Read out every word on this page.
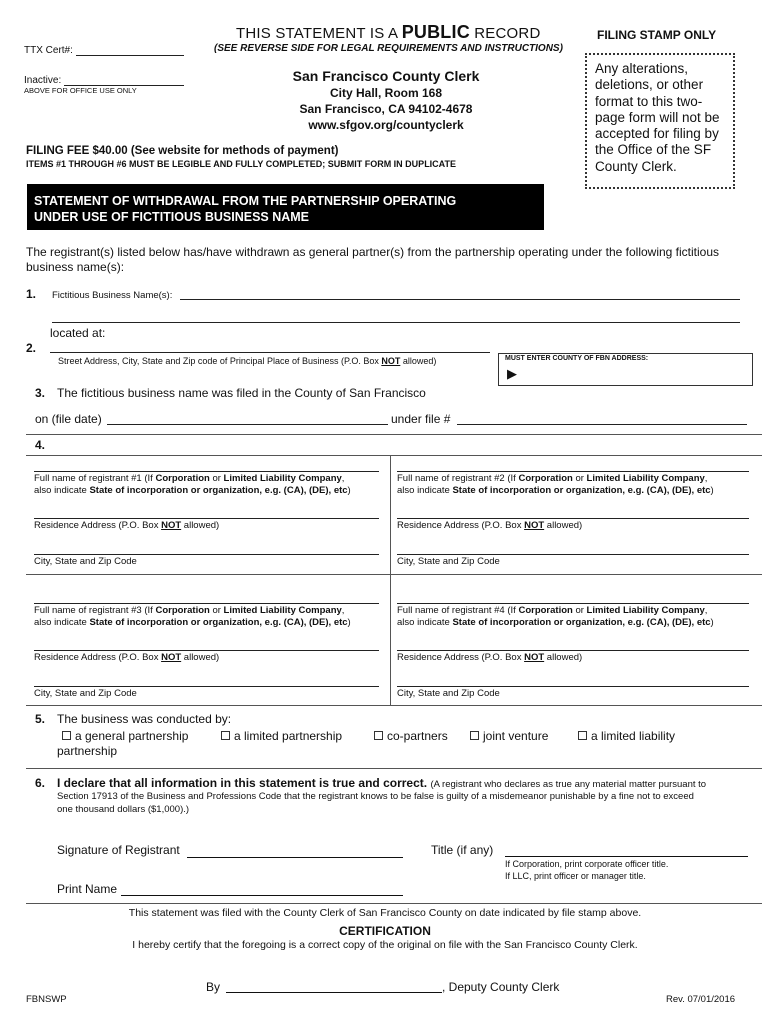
THIS STATEMENT IS A PUBLIC RECORD
(SEE REVERSE SIDE FOR LEGAL REQUIREMENTS AND INSTRUCTIONS)
FILING STAMP ONLY
TTX Cert#:
Inactive:
ABOVE FOR OFFICE USE ONLY
San Francisco County Clerk
City Hall, Room 168
San Francisco, CA 94102-4678
www.sfgov.org/countyclerk
Any alterations, deletions, or other format to this two-page form will not be accepted for filing by the Office of the SF County Clerk.
FILING FEE $40.00 (See website for methods of payment)
ITEMS #1 THROUGH #6 MUST BE LEGIBLE AND FULLY COMPLETED; SUBMIT FORM IN DUPLICATE
STATEMENT OF WITHDRAWAL FROM THE PARTNERSHIP OPERATING
UNDER USE OF FICTITIOUS BUSINESS NAME
The registrant(s) listed below has/have withdrawn as general partner(s) from the partnership operating under the following fictitious business name(s):
1. Fictitious Business Name(s):
located at:
2.
Street Address, City, State and Zip code of Principal Place of Business (P.O. Box NOT allowed)	MUST ENTER COUNTY OF FBN ADDRESS:
▶
3. The fictitious business name was filed in the County of San Francisco
on (file date)	under file #
4.
Full name of registrant #1 (If Corporation or Limited Liability Company,
also indicate State of incorporation or organization, e.g. (CA), (DE), etc)
Residence Address (P.O. Box NOT allowed)
City, State and Zip Code
Full name of registrant #2 (If Corporation or Limited Liability Company,
also indicate State of incorporation or organization, e.g. (CA), (DE), etc)
Residence Address (P.O. Box NOT allowed)
City, State and Zip Code
Full name of registrant #3 (If Corporation or Limited Liability Company,
also indicate State of incorporation or organization, e.g. (CA), (DE), etc)
Residence Address (P.O. Box NOT allowed)
City, State and Zip Code
Full name of registrant #4 (If Corporation or Limited Liability Company,
also indicate State of incorporation or organization, e.g. (CA), (DE), etc)
Residence Address (P.O. Box NOT allowed)
City, State and Zip Code
5. The business was conducted by:
a general partnership	a limited partnership	co-partners	joint venture	a limited liability
partnership
6. I declare that all information in this statement is true and correct. (A registrant who declares as true any material matter pursuant to
Section 17913 of the Business and Professions Code that the registrant knows to be false is guilty of a misdemeanor punishable by a fine not to exceed
one thousand dollars ($1,000).)
Signature of Registrant	Title (if any)
If Corporation, print corporate officer title.
If LLC, print officer or manager title.
Print Name
This statement was filed with the County Clerk of San Francisco County on date indicated by file stamp above.
CERTIFICATION
I hereby certify that the foregoing is a correct copy of the original on file with the San Francisco County Clerk.
By	, Deputy County Clerk
FBNSWP	Rev. 07/01/2016
